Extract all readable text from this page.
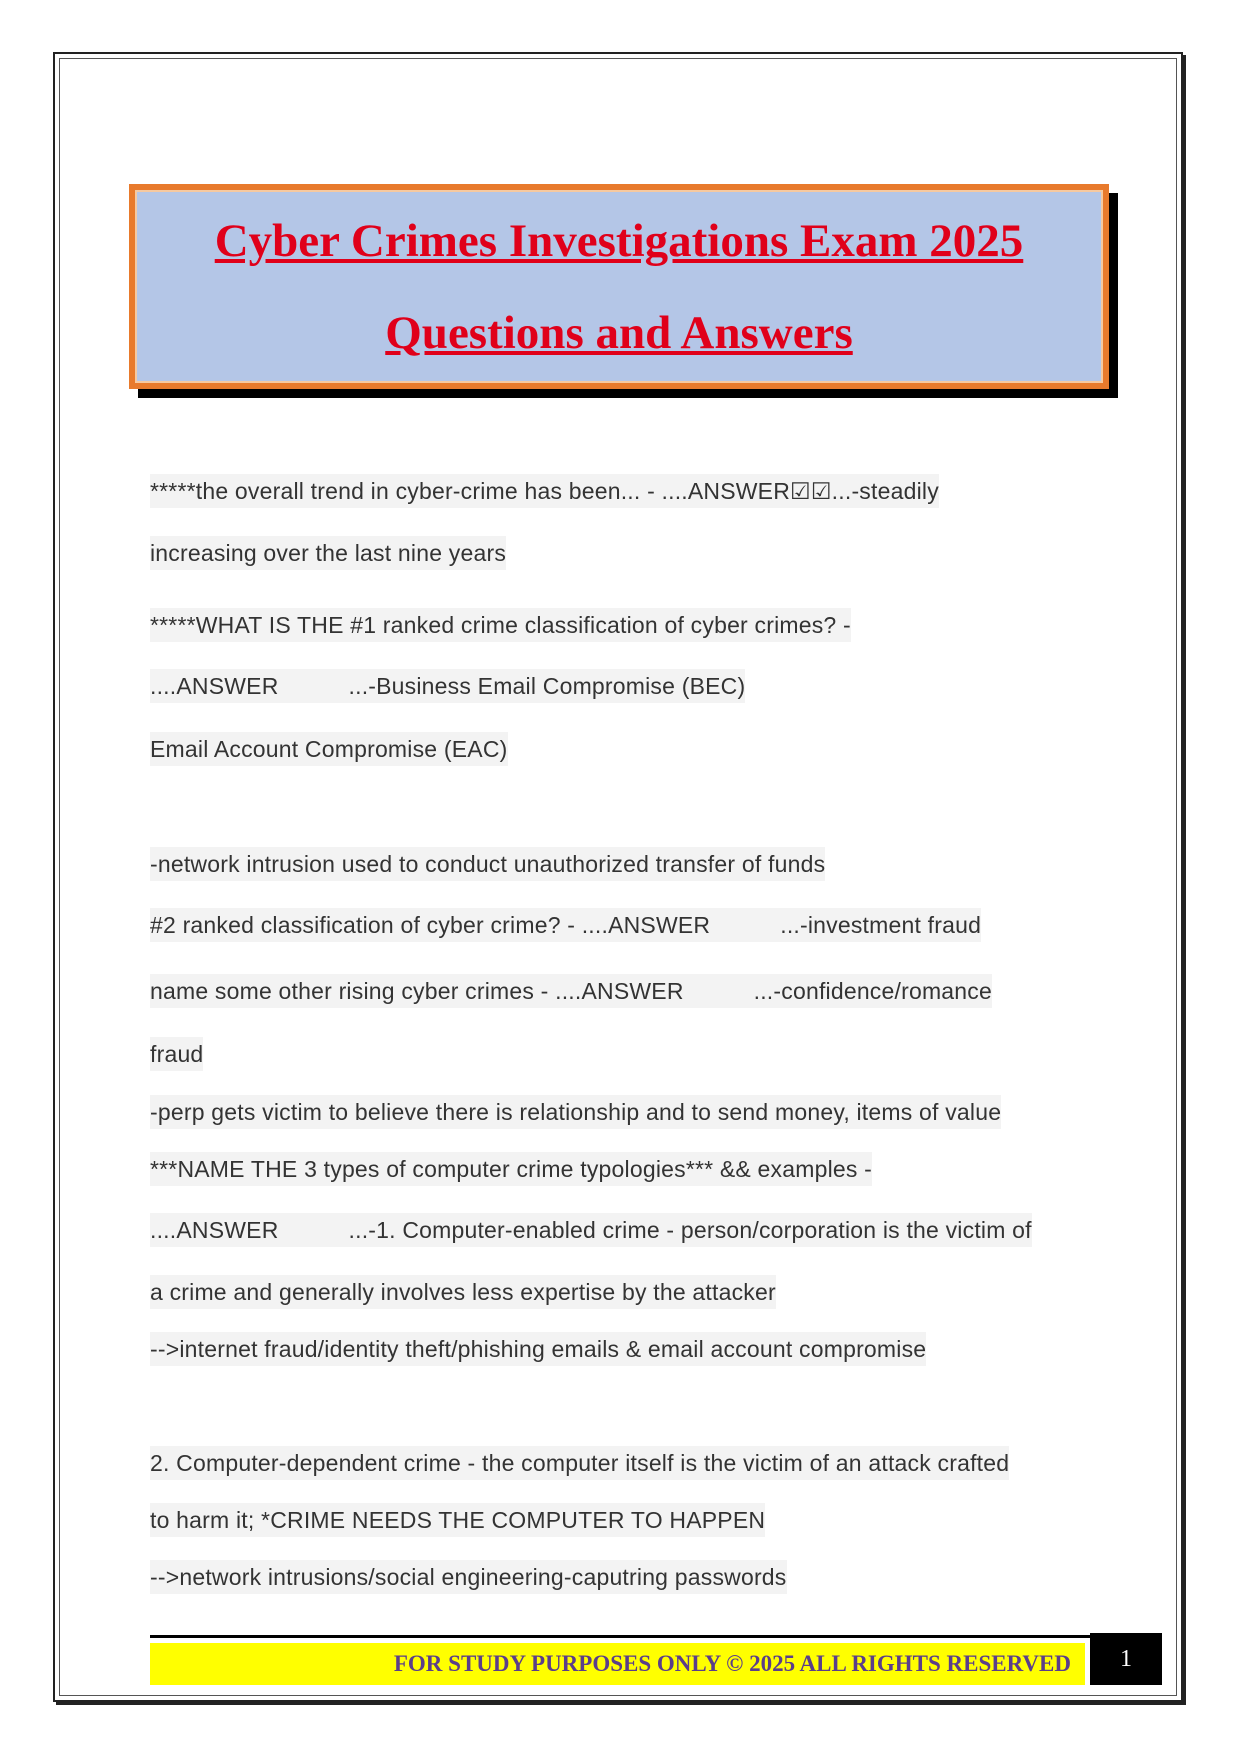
Cyber Crimes Investigations Exam 2025
Questions and Answers
*****the overall trend in cyber-crime has been... - ....ANSWER☑☑...-steadily
increasing over the last nine years
*****WHAT IS THE #1 ranked crime classification of cyber crimes? -
....ANSWER	...-Business Email Compromise (BEC)
Email Account Compromise (EAC)
-network intrusion used to conduct unauthorized transfer of funds
#2 ranked classification of cyber crime? - ....ANSWER	...-investment fraud
name some other rising cyber crimes - ....ANSWER	...-confidence/romance
fraud
-perp gets victim to believe there is relationship and to send money, items of value
***NAME THE 3 types of computer crime typologies*** && examples -
....ANSWER	...-1. Computer-enabled crime - person/corporation is the victim of
a crime and generally involves less expertise by the attacker
-->internet fraud/identity theft/phishing emails & email account compromise
2. Computer-dependent crime - the computer itself is the victim of an attack crafted
to harm it; *CRIME NEEDS THE COMPUTER TO HAPPEN
-->network intrusions/social engineering-caputring passwords
FOR STUDY PURPOSES ONLY © 2025 ALL RIGHTS RESERVED	1
